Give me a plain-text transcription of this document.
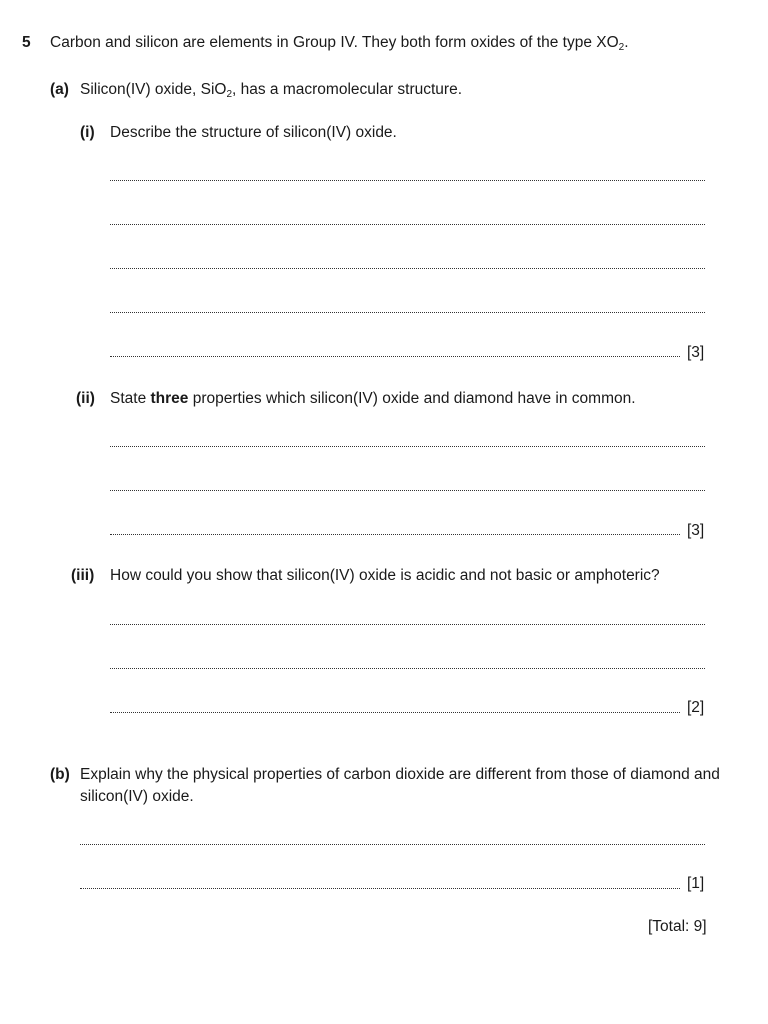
5 Carbon and silicon are elements in Group IV. They both form oxides of the type $XO_2$.
(a) Silicon(IV) oxide, SiO$_2$, has a macromolecular structure.
(i) Describe the structure of silicon(IV) oxide.
[3]
(ii) State three properties which silicon(IV) oxide and diamond have in common.
[3]
(iii) How could you show that silicon(IV) oxide is acidic and not basic or amphoteric?
[2]
(b) Explain why the physical properties of carbon dioxide are different from those of diamond and
silicon(IV) oxide.
[1]
[Total: 9]
